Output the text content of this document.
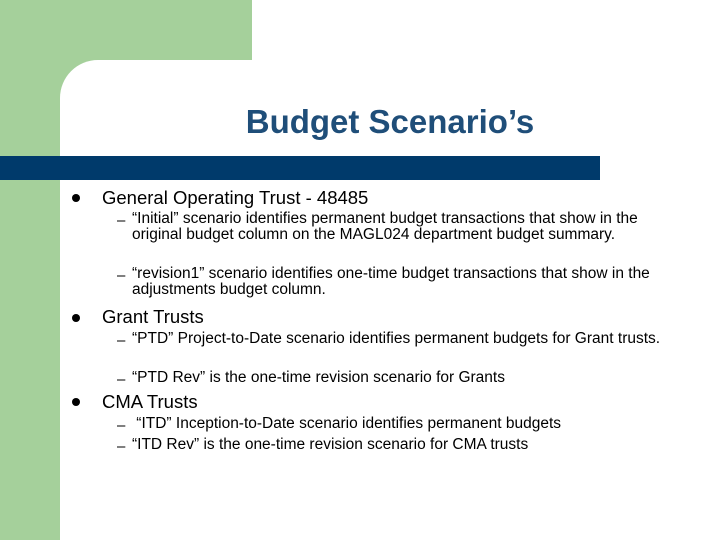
Budget Scenario’s
General Operating Trust - 48485
– “Initial” scenario identifies permanent budget transactions that show in the original budget column on the MAGL024 department budget summary.
– “revision1” scenario identifies one-time budget transactions that show in the adjustments budget column.
Grant Trusts
– “PTD” Project-to-Date scenario identifies permanent budgets for Grant trusts.
– “PTD Rev” is the one-time revision scenario for Grants
CMA Trusts
– “ITD” Inception-to-Date scenario identifies permanent budgets
– “ITD Rev” is the one-time revision scenario for CMA trusts
